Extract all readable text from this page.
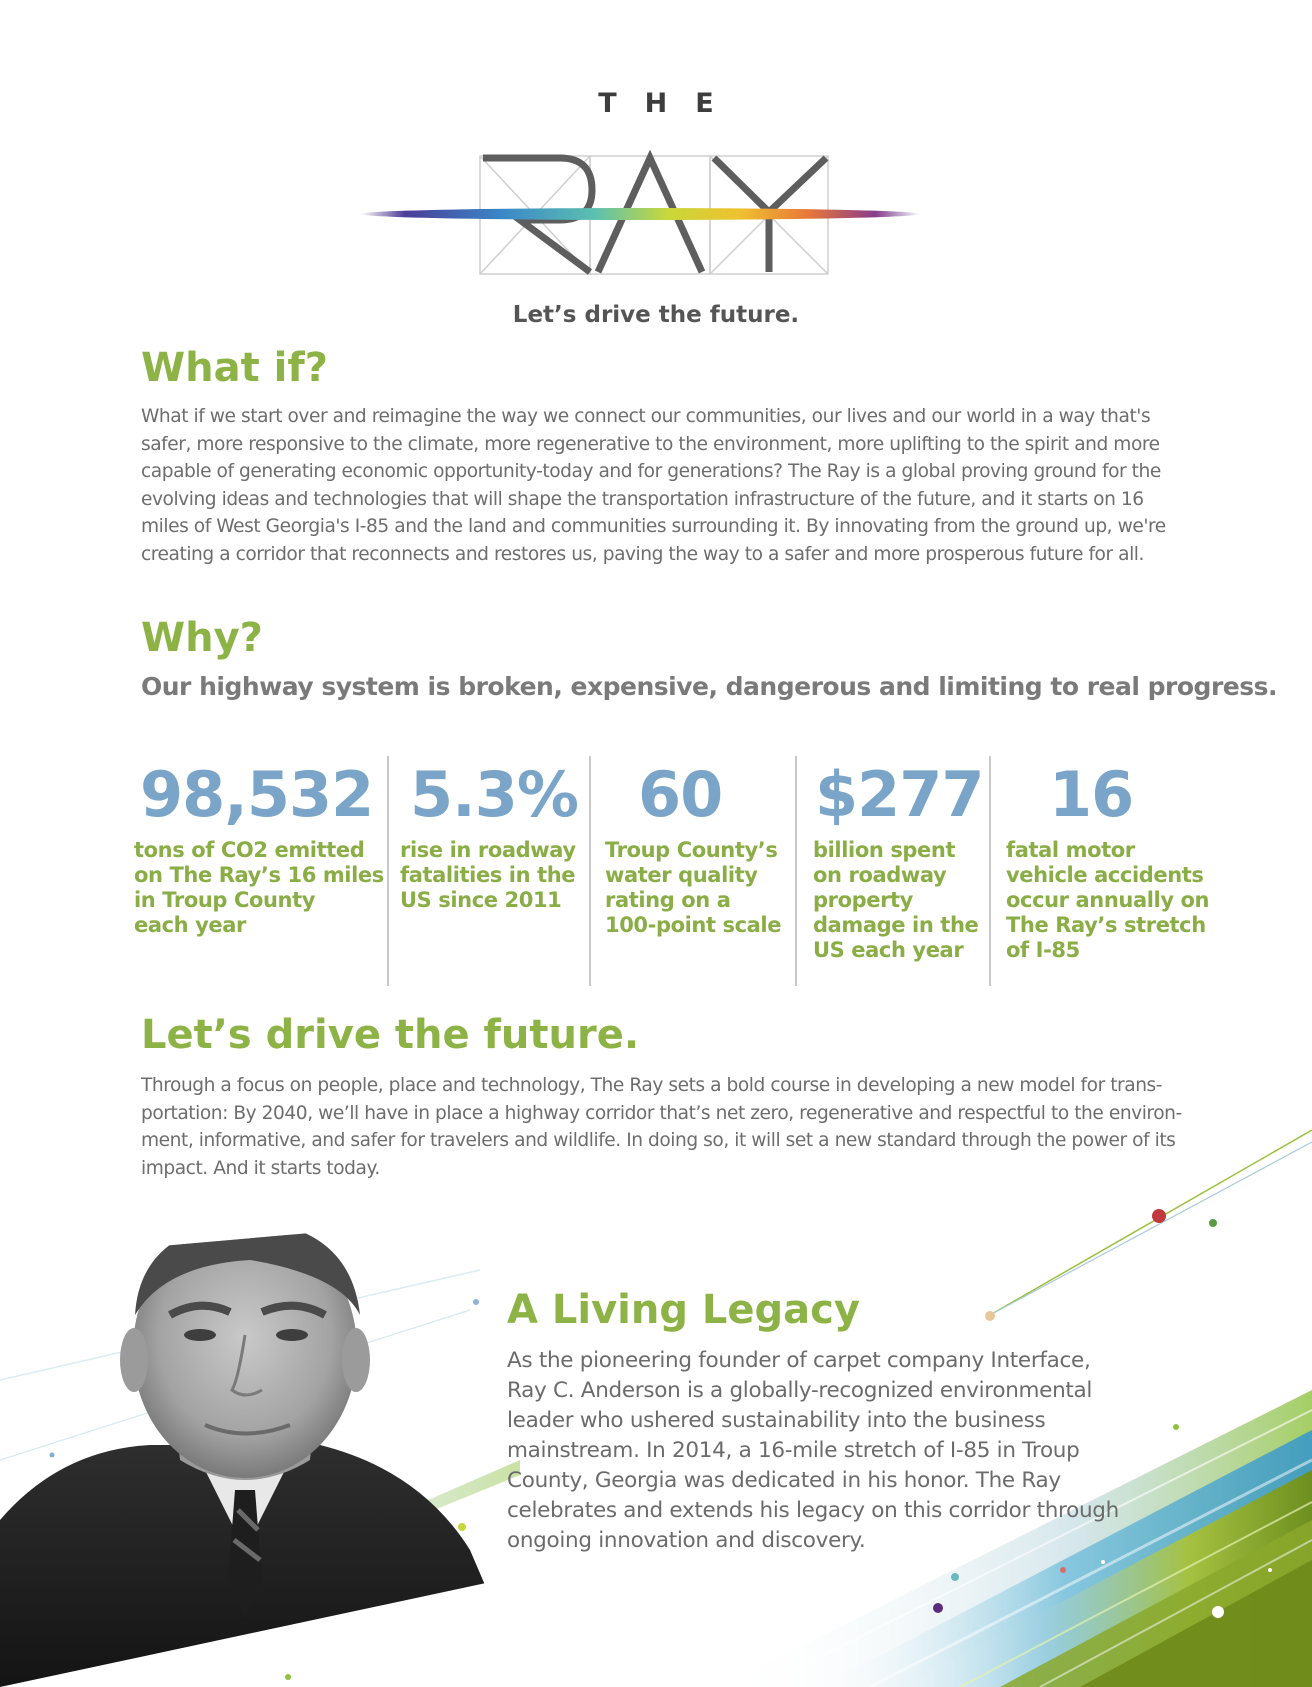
THE
Let’s drive the future.
What if?

What if we start over and reimagine the way we connect our communities, our lives and our world in a way that's safer, more responsive to the climate, more regenerative to the environment, more uplifting to the spirit and more capable of generating economic opportunity-today and for generations? The Ray is a global proving ground for the evolving ideas and technologies that will shape the transportation infrastructure of the future, and it starts on 16 miles of West Georgia's I-85 and the land and communities surrounding it. By innovating from the ground up, we're creating a corridor that reconnects and restores us, paving the way to a safer and more prosperous future for all.

Why?
Our highway system is broken, expensive, dangerous and limiting to real progress.
98,532
tons of CO2 emitted
on The Ray’s 16 miles
in Troup County
each year
5.3%
rise in roadway
fatalities in the
US since 2011
60
Troup County’s
water quality
rating on a
100-point scale
$277
billion spent
on roadway
property
damage in the
US each year
16
fatal motor
vehicle accidents
occur annually on
The Ray’s stretch
of I-85
Let’s drive the future.

Through a focus on people, place and technology, The Ray sets a bold course in developing a new model for trans-portation: By 2040, we’ll have in place a highway corridor that’s net zero, regenerative and respectful to the environ-ment, informative, and safer for travelers and wildlife. In doing so, it will set a new standard through the power of its impact. And it starts today.

A Living Legacy

As the pioneering founder of carpet company Interface, Ray C. Anderson is a globally-recognized environmental leader who ushered sustainability into the business mainstream. In 2014, a 16-mile stretch of I-85 in Troup County, Georgia was dedicated in his honor. The Ray celebrates and extends his legacy on this corridor through ongoing innovation and discovery.
